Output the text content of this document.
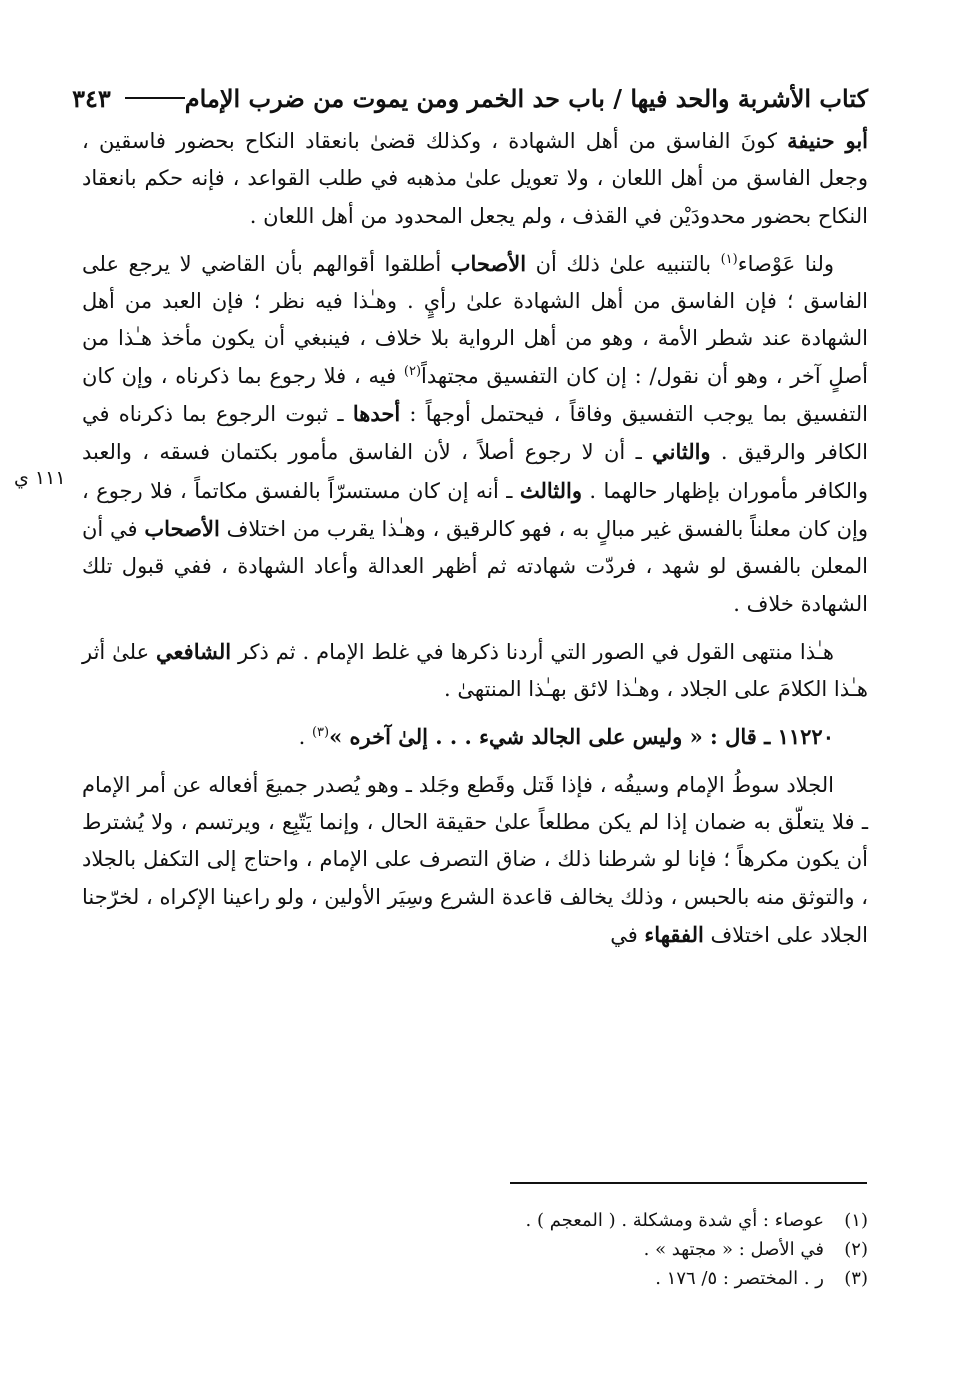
كتاب الأشربة والحد فيها / باب حد الخمر ومن يموت من ضرب الإمام
٣٤٣

أبو حنيفة كونَ الفاسق من أهل الشهادة ، وكذلك قضىٰ بانعقاد النكاح بحضور فاسقين ، وجعل الفاسق من أهل اللعان ، ولا تعويل علىٰ مذهبه في طلب القواعد ، فإنه حكم بانعقاد النكاح بحضور محدودَيْن في القذف ، ولم يجعل المحدود من أهل اللعان .

ولنا عَوْصاء$^{(١)}$ بالتنبيه علىٰ ذلك أن الأصحاب أطلقوا أقوالهم بأن القاضي لا يرجع على الفاسق ؛ فإن الفاسق من أهل الشهادة علىٰ رأيٍ . وهـٰذا فيه نظر ؛ فإن العبد من أهل الشهادة عند شطر الأمة ، وهو من أهل الرواية بلا خلاف ، فينبغي أن يكون مأخذ هـٰذا من أصلٍ آخر ، وهو أن نقول/ : إن كان التفسيق مجتهداً$^{(٢)}$ فيه ، فلا رجوع بما ذكرناه ، وإن كان التفسيق بما يوجب التفسيق وفاقاً ، فيحتمل أوجهاً : أحدها ـ ثبوت الرجوع بما ذكرناه في الكافر والرقيق . والثاني ـ أن لا رجوع أصلاً ، لأن الفاسق مأمور بكتمان فسقه ، والعبد والكافر مأموران بإظهار حالهما . والثالث ـ أنه إن كان مستسرّاً بالفسق مكاتماً ، فلا رجوع ، وإن كان معلناً بالفسق غير مبالٍ به ، فهو كالرقيق ، وهـٰذا يقرب من اختلاف الأصحاب في أن المعلن بالفسق لو شهد ، فردّت شهادته ثم أظهر العدالة وأعاد الشهادة ، ففي قبول تلك الشهادة خلاف .

هـٰذا منتهى القول في الصور التي أردنا ذكرها في غلط الإمام . ثم ذكر الشافعي علىٰ أثر هـٰذا الكلامَ على الجلاد ، وهـٰذا لائق بهـٰذا المنتهىٰ .

١١٢٢٠ ـ قال : « وليس على الجالد شيء . . . إلىٰ آخره »$^{(٣)}$ .

الجلاد سوطُ الإمام وسيفُه ، فإذا قَتل وقَطع وجَلد ـ وهو يُصدر جميعَ أفعاله عن أمر الإمام ـ فلا يتعلّق به ضمان إذا لم يكن مطلعاً علىٰ حقيقة الحال ، وإنما يَتّبِع ، ويرتسم ، ولا يُشترط أن يكون مكرهاً ؛ فإنا لو شرطنا ذلك ، ضاق التصرف على الإمام ، واحتاج إلى التكفل بالجلاد ، والتوثق منه بالحبس ، وذلك يخالف قاعدة الشرع وسِيَر الأولين ، ولو راعينا الإكراه ، لخرّجنا الجلاد على اختلاف الفقهاء في

١١١ ي
(١)
عوصاء : أي شدة ومشكلة . ( المعجم ) .
(٢)
في الأصل : « مجتهد » .
(٣)
ر . المختصر : ٥/ ١٧٦ .
